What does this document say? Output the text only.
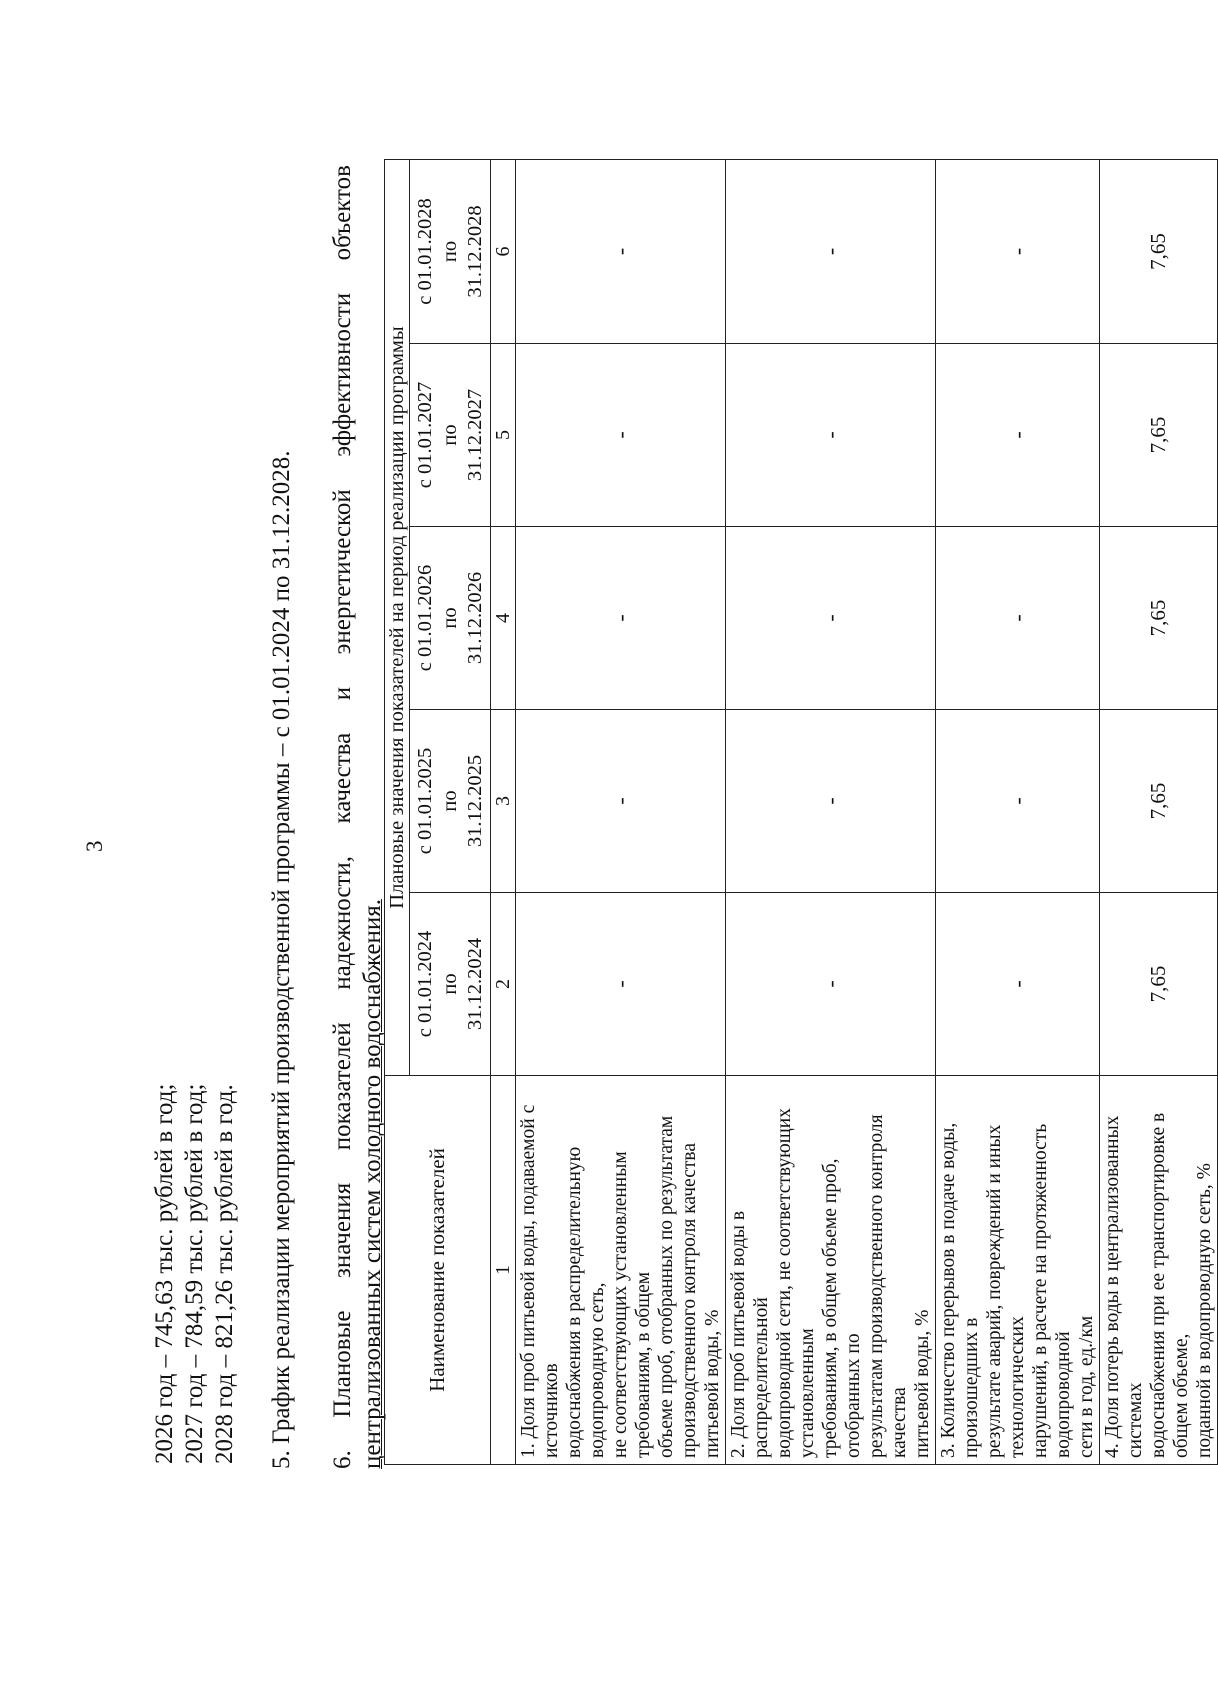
3
2026 год – 745,63 тыс. рублей в год; 2027 год – 784,59 тыс. рублей в год; 2028 год – 821,26 тыс. рублей в год. 5. График реализации мероприятий производственной программы – с 01.01.2024 по 31.12.2028. 6.
Плановые
значения
показателей
надежности,
качества
и
энергетической
эффективности
объектов
централизованных систем холодного водоснабжения. Наименование показателей	Плановые значения показателей на период реализации программы				
	с 01.01.2024 по 31.12.2024	с 01.01.2025 по 31.12.2025	с 01.01.2026 по 31.12.2026	с 01.01.2027 по 31.12.2027	с 01.01.2028 по 31.12.2028
1	2	3	4	5	6
1. Доля проб питьевой воды, подаваемой с источников водоснабжения в распределительную водопроводную сеть, не соответствующих установленным требованиям, в общем объеме проб, отобранных по результатам производственного контроля качества питьевой воды, %	-	-	-	-	-
2. Доля проб питьевой воды в распределительной водопроводной сети, не соответствующих установленным требованиям, в общем объеме проб, отобранных по результатам производственного контроля качества питьевой воды, %	-	-	-	-	-
3. Количество перерывов в подаче воды, произошедших в результате аварий, повреждений и иных технологических нарушений, в расчете на протяженность водопроводной сети в год, ед./км	-	-	-	-	-
4. Доля потерь воды в централизованных системах водоснабжения при ее транспортировке в общем объеме, поданной в водопроводную сеть, %	7,65	7,65	7,65	7,65	7,65
